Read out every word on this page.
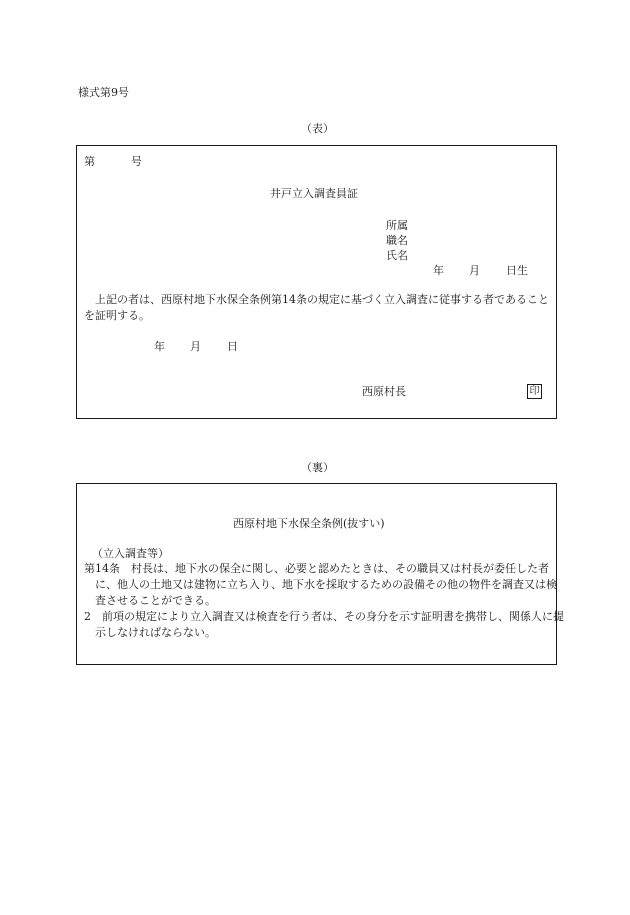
様式第9号
（表）
第	号
井戸立入調査員証
所属
職名
氏名
年 月 日生
上記の者は、西原村地下水保全条例第14条の規定に基づく立入調査に従事する者であることを証明する。
年 月 日
西原村長	印
（裏）
西原村地下水保全条例(抜すい)
（立入調査等）
第14条　村長は、地下水の保全に関し、必要と認めたときは、その職員又は村長が委任した者に、他人の土地又は建物に立ち入り、地下水を採取するための設備その他の物件を調査又は検査させることができる。
2　前項の規定により立入調査又は検査を行う者は、その身分を示す証明書を携帯し、関係人に提示しなければならない。
